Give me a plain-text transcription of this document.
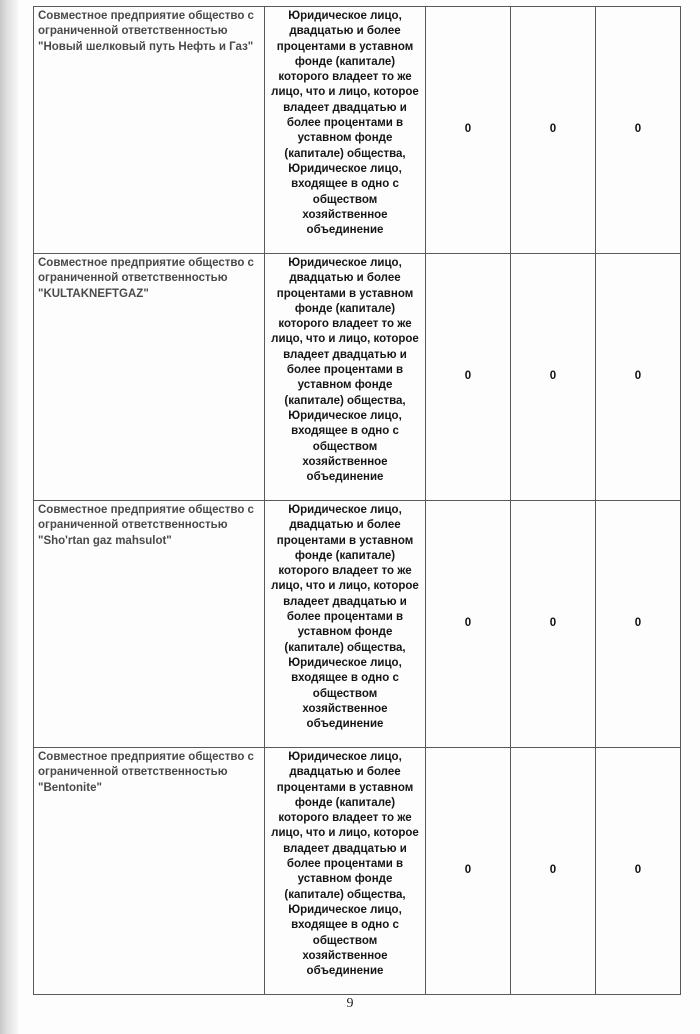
Совместное предприятие общество с ограниченной ответственностью "Новый шелковый путь Нефть и Газ"	Юридическое лицо, двадцатью и более процентами в уставном фонде (капитале) которого владеет то же лицо, что и лицо, которое владеет двадцатью и более процентами в уставном фонде (капитале) общества, Юридическое лицо, входящее в одно с обществом хозяйственное объединение	0	0	0
Совместное предприятие общество с ограниченной ответственностью "KULTAKNEFTGAZ"	Юридическое лицо, двадцатью и более процентами в уставном фонде (капитале) которого владеет то же лицо, что и лицо, которое владеет двадцатью и более процентами в уставном фонде (капитале) общества, Юридическое лицо, входящее в одно с обществом хозяйственное объединение	0	0	0
Совместное предприятие общество с ограниченной ответственностью "Sho'rtan gaz mahsulot"	Юридическое лицо, двадцатью и более процентами в уставном фонде (капитале) которого владеет то же лицо, что и лицо, которое владеет двадцатью и более процентами в уставном фонде (капитале) общества, Юридическое лицо, входящее в одно с обществом хозяйственное объединение	0	0	0
Совместное предприятие общество с ограниченной ответственностью "Bentonite"	Юридическое лицо, двадцатью и более процентами в уставном фонде (капитале) которого владеет то же лицо, что и лицо, которое владеет двадцатью и более процентами в уставном фонде (капитале) общества, Юридическое лицо, входящее в одно с обществом хозяйственное объединение	0	0	0
9
